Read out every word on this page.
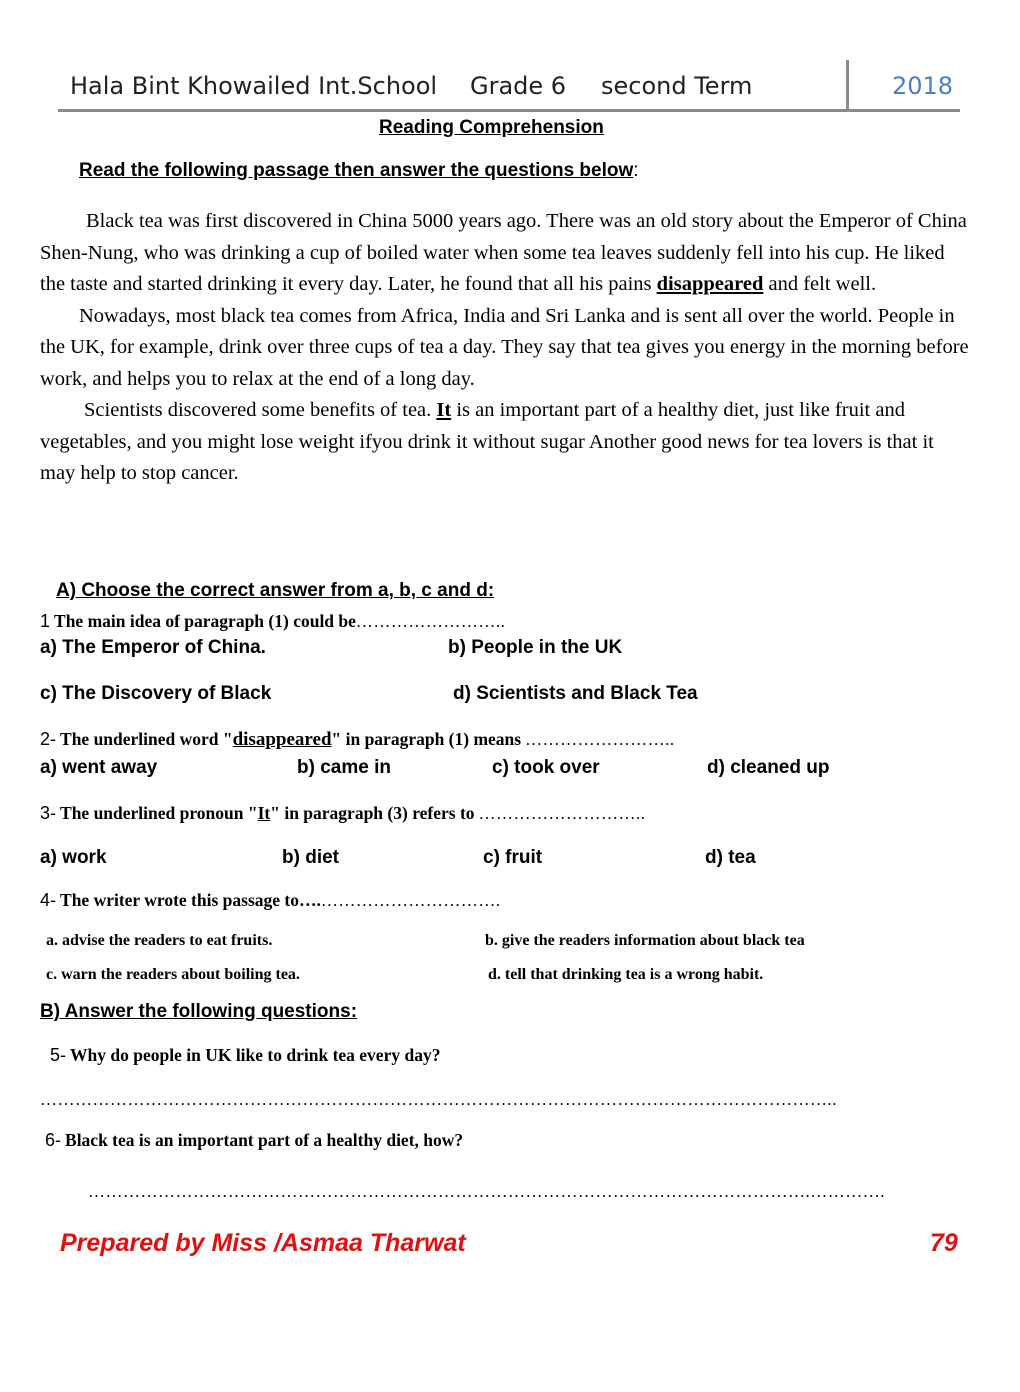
Hala Bint Khowailed Int.School Grade 6 second Term	2018
Reading Comprehension
Read the following passage then answer the questions below:

Black tea was first discovered in China 5000 years ago. There was an old story about the Emperor of China Shen-Nung, who was drinking a cup of boiled water when some tea leaves suddenly fell into his cup. He liked the taste and started drinking it every day. Later, he found that all his pains disappeared and felt well.

Nowadays, most black tea comes from Africa, India and Sri Lanka and is sent all over the world. People in the UK, for example, drink over three cups of tea a day. They say that tea gives you energy in the morning before work, and helps you to relax at the end of a long day.

Scientists discovered some benefits of tea. It is an important part of a healthy diet, just like fruit and vegetables, and you might lose weight ifyou drink it without sugar Another good news for tea lovers is that it may help to stop cancer.

A) Choose the correct answer from a, b, c and d:
1 The main idea of paragraph (1) could be……………………..
a) The Emperor of China.	b) People in the UK
c) The Discovery of Black	d) Scientists and Black Tea
2- The underlined word "disappeared" in paragraph (1) means ……………………..
a) went away	b) came in	c) took over	d) cleaned up
3- The underlined pronoun "It" in paragraph (3) refers to ………………………..
a) work	b) diet	c) fruit	d) tea
4- The writer wrote this passage to….………………………….
a. advise the readers to eat fruits.	b. give the readers information about black tea
c. warn the readers about boiling tea.	d. tell that drinking tea is a wrong habit.
B) Answer the following questions:
5- Why do people in UK like to drink tea every day?
………………………………………………………………………………………………………………………..
6- Black tea is an important part of a healthy diet, how?
…………………………………………………………………………………………………………….………….
Prepared by Miss /Asmaa Tharwat	79
